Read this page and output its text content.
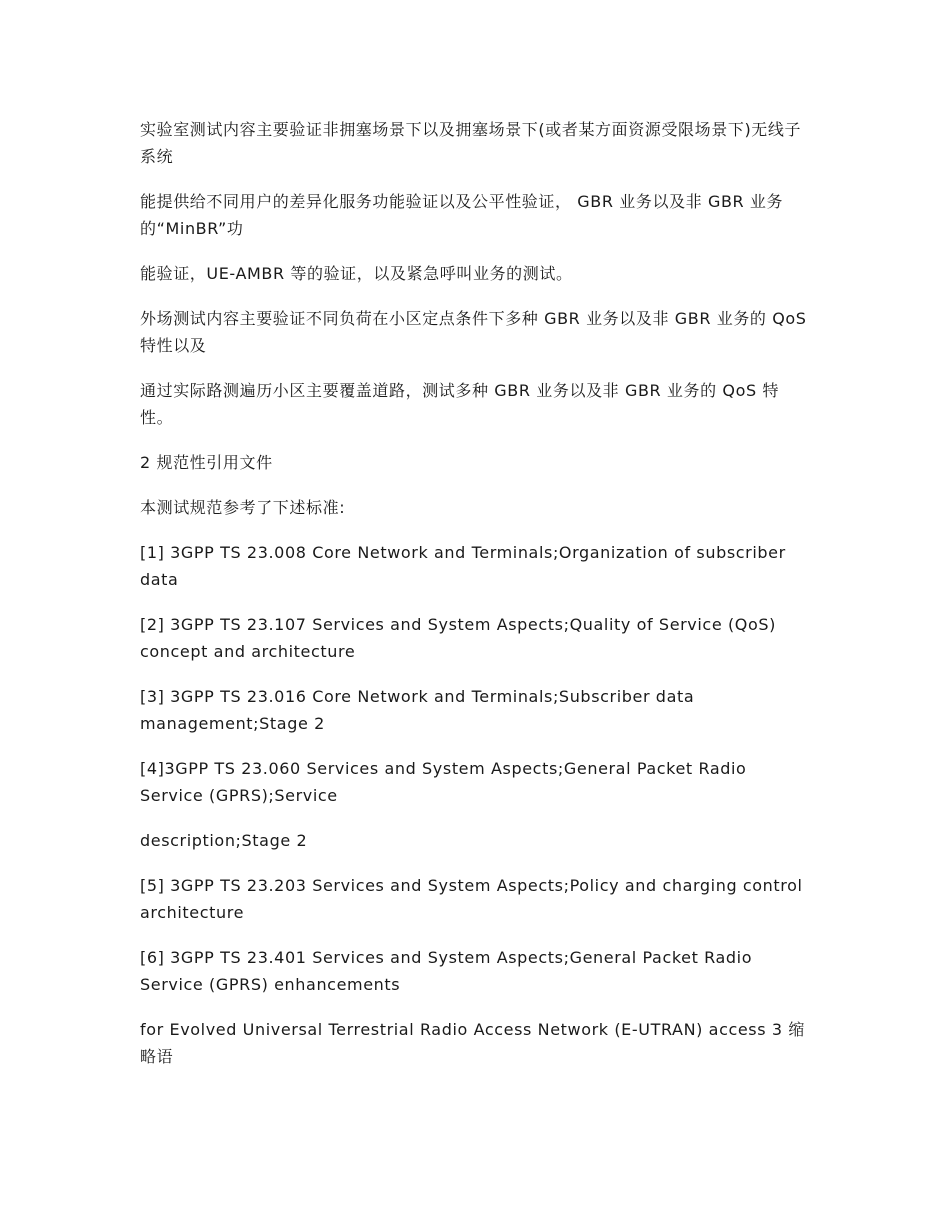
实验室测试内容主要验证非拥塞场景下以及拥塞场景下(或者某方面资源受限场景下)无线子系统

能提供给不同用户的差异化服务功能验证以及公平性验证， GBR 业务以及非 GBR 业务的“MinBR”功

能验证，UE-AMBR 等的验证，以及紧急呼叫业务的测试。

外场测试内容主要验证不同负荷在小区定点条件下多种 GBR 业务以及非 GBR 业务的 QoS 特性以及

通过实际路测遍历小区主要覆盖道路，测试多种 GBR 业务以及非 GBR 业务的 QoS 特性。

2 规范性引用文件

本测试规范参考了下述标准:

[1] 3GPP TS 23.008 Core Network and Terminals;Organization of subscriber data

[2] 3GPP TS 23.107 Services and System Aspects;Quality of Service (QoS) concept and architecture

[3] 3GPP TS 23.016 Core Network and Terminals;Subscriber data management;Stage 2

[4]3GPP TS 23.060 Services and System Aspects;General Packet Radio Service (GPRS);Service

description;Stage 2

[5] 3GPP TS 23.203 Services and System Aspects;Policy and charging control architecture

[6] 3GPP TS 23.401 Services and System Aspects;General Packet Radio Service (GPRS) enhancements

for Evolved Universal Terrestrial Radio Access Network (E-UTRAN) access 3 缩略语
